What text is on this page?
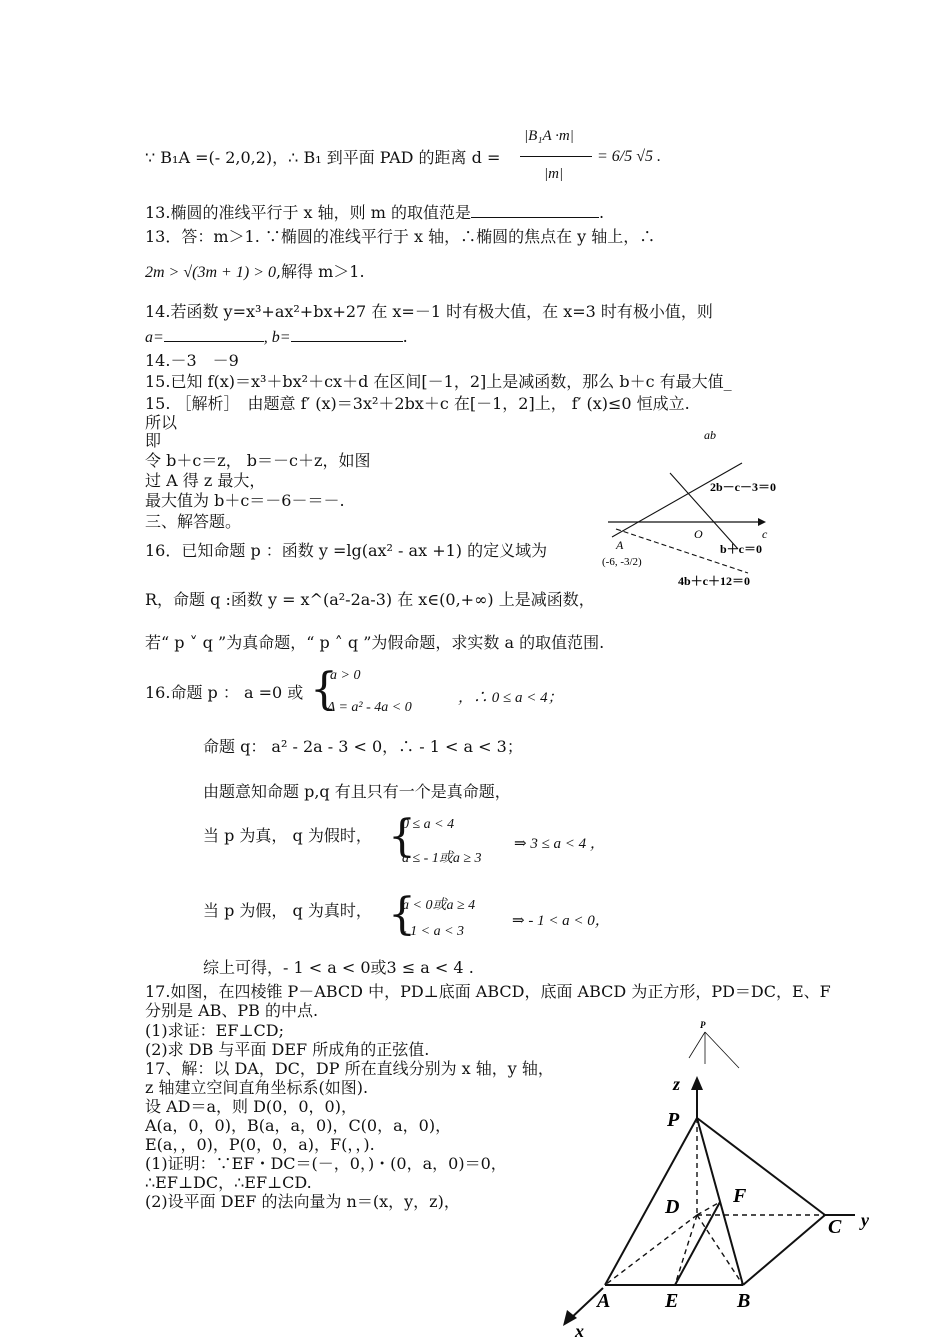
∵ B₁A =(- 2,0,2)，∴ B₁ 到平面 PAD 的距离 d =
|B₁A ·m|
|m|
= 6/5 √5 .
13.椭圆的准线平行于 x 轴，则 m 的取值范是	.
13．答：m＞1. ∵椭圆的准线平行于 x 轴，∴椭圆的焦点在 y 轴上，∴
2m > √(3m + 1) > 0,解得 m＞1.
14.若函数 y=x³+ax²+bx+27 在 x=－1 时有极大值，在 x=3 时有极小值，则
a=	, b=	.
14.－3　－9
15.已知 f(x)＝x³＋bx²＋cx＋d 在区间[－1，2]上是减函数，那么 b＋c 有最大值_
15. ［解析］　由题意 f′ (x)＝3x²＋2bx＋c 在[－1，2]上， f′ (x)≤0 恒成立.
所以
即
令 b＋c＝z， b＝－c＋z，如图
过 A 得 z 最大，
最大值为 b＋c＝－6－＝－.
三、解答题。
ab
2b－c－3＝0
b＋c＝0
4b＋c＋12＝0
O	c
A
(-6, -3/2)
16．已知命题 p ：函数 y =lg(ax² - ax +1) 的定义域为
R，命题 q :函数 y = x^(a²-2a-3) 在 x∈(0,+∞) 上是减函数，
若“ p ˅ q ”为真命题，“ p ˄ q ”为假命题，求实数 a 的取值范围.
16.命题 p ： a =0 或 {
a > 0
Δ = a² - 4a < 0
，∴ 0 ≤ a < 4；
命题 q： a² - 2a - 3 < 0，∴ - 1 < a < 3；
由题意知命题 p,q 有且只有一个是真命题，
当 p 为真， q 为假时， {
0 ≤ a < 4
a ≤ - 1或a ≥ 3
⇒ 3 ≤ a < 4 ，
当 p 为假， q 为真时， {
a < 0或a ≥ 4
- 1 < a < 3
⇒ - 1 < a < 0，
综上可得，- 1 < a < 0或3 ≤ a < 4 .
17.如图，在四棱锥 P－ABCD 中，PD⊥底面 ABCD，底面 ABCD 为正方形，PD＝DC，E、F
分别是 AB、PB 的中点.
(1)求证：EF⊥CD;
(2)求 DB 与平面 DEF 所成角的正弦值.
17、解：以 DA，DC，DP 所在直线分别为 x 轴，y 轴，
z 轴建立空间直角坐标系(如图).
设 AD＝a，则 D(0，0，0)，
A(a，0，0)，B(a，a，0)，C(0，a，0)，
E(a，，0)，P(0，0，a)，F(，，).
(1)证明：∵EF・DC＝(－，0，)・(0，a，0)＝0，
∴EF⊥DC，∴EF⊥CD.
(2)设平面 DEF 的法向量为 n＝(x，y，z)，
P
z
y
x
P
D	F
C
A	E	B
